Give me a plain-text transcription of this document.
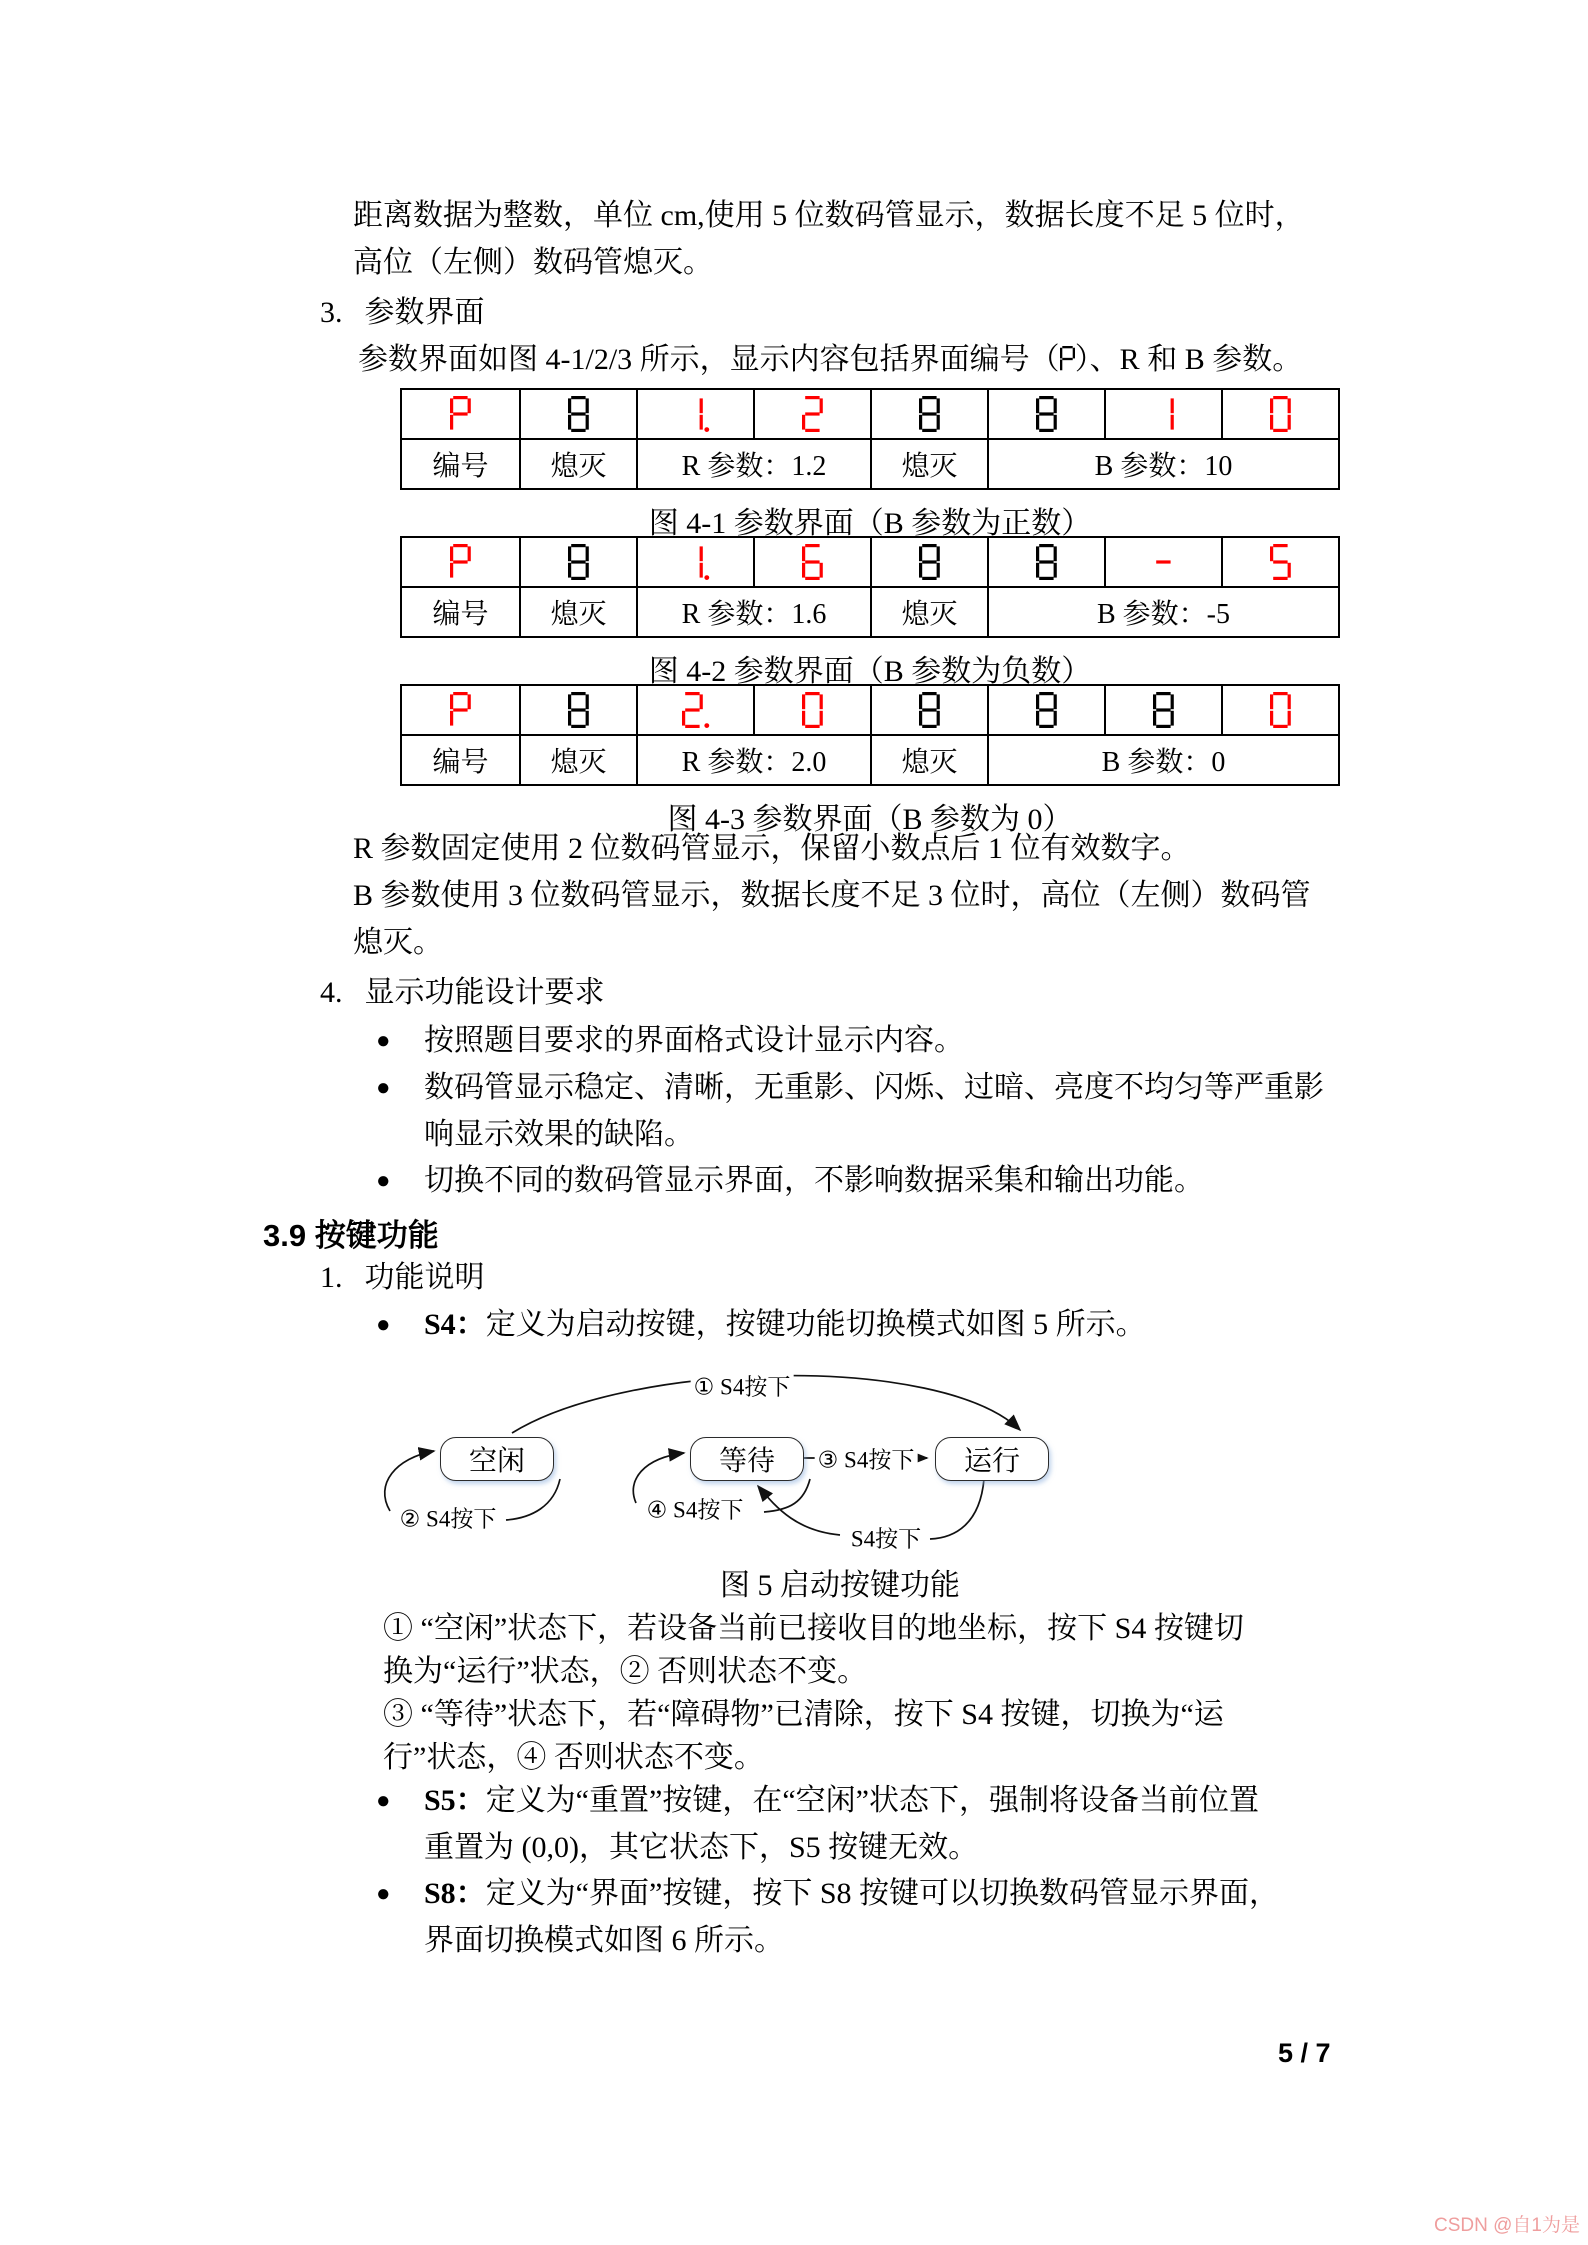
距离数据为整数，单位 cm,使用 5 位数码管显示，数据长度不足 5 位时，
高位（左侧）数码管熄灭。
3. 参数界面
参数界面如图 4-1/2/3 所示，显示内容包括界面编号（ ）、R 和 B 参数。
编号	熄灭	R 参数：1.2	熄灭	B 参数：10
图 4-1 参数界面（B 参数为正数）
编号	熄灭	R 参数：1.6	熄灭	B 参数：-5
图 4-2 参数界面（B 参数为负数）
编号	熄灭	R 参数：2.0	熄灭	B 参数：0
图 4-3 参数界面（B 参数为 0）
R 参数固定使用 2 位数码管显示，保留小数点后 1 位有效数字。
B 参数使用 3 位数码管显示，数据长度不足 3 位时，高位（左侧）数码管
熄灭。
4. 显示功能设计要求
● 按照题目要求的界面格式设计显示内容。
● 数码管显示稳定、清晰，无重影、闪烁、过暗、亮度不均匀等严重影
响显示效果的缺陷。
● 切换不同的数码管显示界面，不影响数据采集和输出功能。
3.9 按键功能
1. 功能说明
● S4：定义为启动按键，按键功能切换模式如图 5 所示。
空闲	等待	运行
① S4按下
② S4按下
③ S4按下
④ S4按下
S4按下
图 5 启动按键功能
① “空闲”状态下，若设备当前已接收目的地坐标，按下 S4 按键切
换为“运行”状态，② 否则状态不变。
③ “等待”状态下，若“障碍物”已清除，按下 S4 按键，切换为“运
行”状态，④ 否则状态不变。
● S5：定义为“重置”按键，在“空闲”状态下，强制将设备当前位置
重置为 (0,0)，其它状态下，S5 按键无效。
● S8：定义为“界面”按键，按下 S8 按键可以切换数码管显示界面，
界面切换模式如图 6 所示。
5 / 7
CSDN @自1为是
